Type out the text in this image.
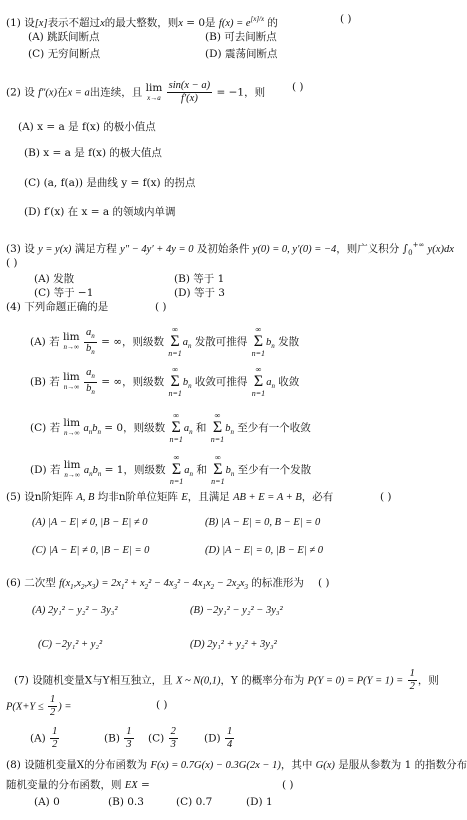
(1) 设[x]表示不超过x的最大整数，则x = 0是 $f(x) = e^{[x]/x}$ 的	( )
(A) 跳跃间断点	(B) 可去间断点
(C) 无穷间断点	(D) 震荡间断点
(2) 设 f″(x)在x = a出连续，且 lim
x→a
$\frac{\sin(x - a)}{f'(x)} = -1$，则	( )
(A) x = a 是 f(x) 的极小值点
(B) x = a 是 f(x) 的极大值点
(C) (a, f(a)) 是曲线 y = f(x) 的拐点
(D) f′(x) 在 x = a 的领域内单调
(3) 设 y = y(x) 满足方程 y″ − 4y′ + 4y = 0 及初始条件 y(0) = 0, y′(0) = −4，则广义积分 $\int_0^{+\infty}$ y(x)dx
( )
(A) 发散	(B) 等于 1
(C) 等于 −1	(D) 等于 3
(4) 下列命题正确的是	( )
(A) 若 lim
n→∞
$\frac{a_n}{b_n}$ = ∞，则级数 ∞
Σ
$n=1a_n$ 发散可推得 ∞
Σ
$n=1b_n$ 发散
(B) 若 lim
n→∞
$\frac{a_n}{b_n}$ = ∞，则级数 ∞
Σ
$n=1b_n$ 收敛可推得 ∞
Σ
$n=1a_n$ 收敛
(C) 若 lim
n→∞ $a_nb_n = 0$，则级数 ∞
Σ
$n=1a_n$ 和 ∞
Σ
$n=1b_n$ 至少有一个收敛
(D) 若 lim
n→∞ $a_nb_n = 1$，则级数 ∞
Σ
$n=1a_n$ 和 ∞
Σ
$n=1b_n$ 至少有一个发散
(5) 设n阶矩阵 A, B 均非n阶单位矩阵 E，且满足 AB + E = A + B，必有	( )
(A) |A − E| ≠ 0, |B − E| ≠ 0	(B) |A − E| = 0, B − E| = 0
(C) |A − E| ≠ 0, |B − E| = 0	(D) |A − E| = 0, |B − E| ≠ 0
(6) 二次型 $f(x_1,x_2,x_3) = 2x_1^2 + x_2^2 - 4x_3^2 - 4x_1x_2 - 2x_2x_3$ 的标准形为 ( )
(A) 2y₁² − y₂² − 3y₃²	(B) −2y₁² − y₂² − 3y₃²
(C) −2y₁² + y₂²	(D) 2y₁² + y₂² + 3y₃²
(7) 设随机变量X与Y相互独立，且 X ~ N(0,1)，Y 的概率分布为 $P(Y = 0) = P(Y = 1) = \frac{1}{2}$ ，则
$P(X+Y \le \frac{1}{2}$ ) =	( )
$(A) \frac{1}{2}$	$(B) \frac{1}{3} (C) \frac{2}{3} (D) \frac{1}{4}$
(8) 设随机变量X的分布函数为 F(x) = 0.7G(x) − 0.3G(2x − 1)，其中 G(x) 是服从参数为 1 的指数分布
随机变量的分布函数，则 EX =	( )
(A) 0	(B) 0.3	(C) 0.7	(D) 1
